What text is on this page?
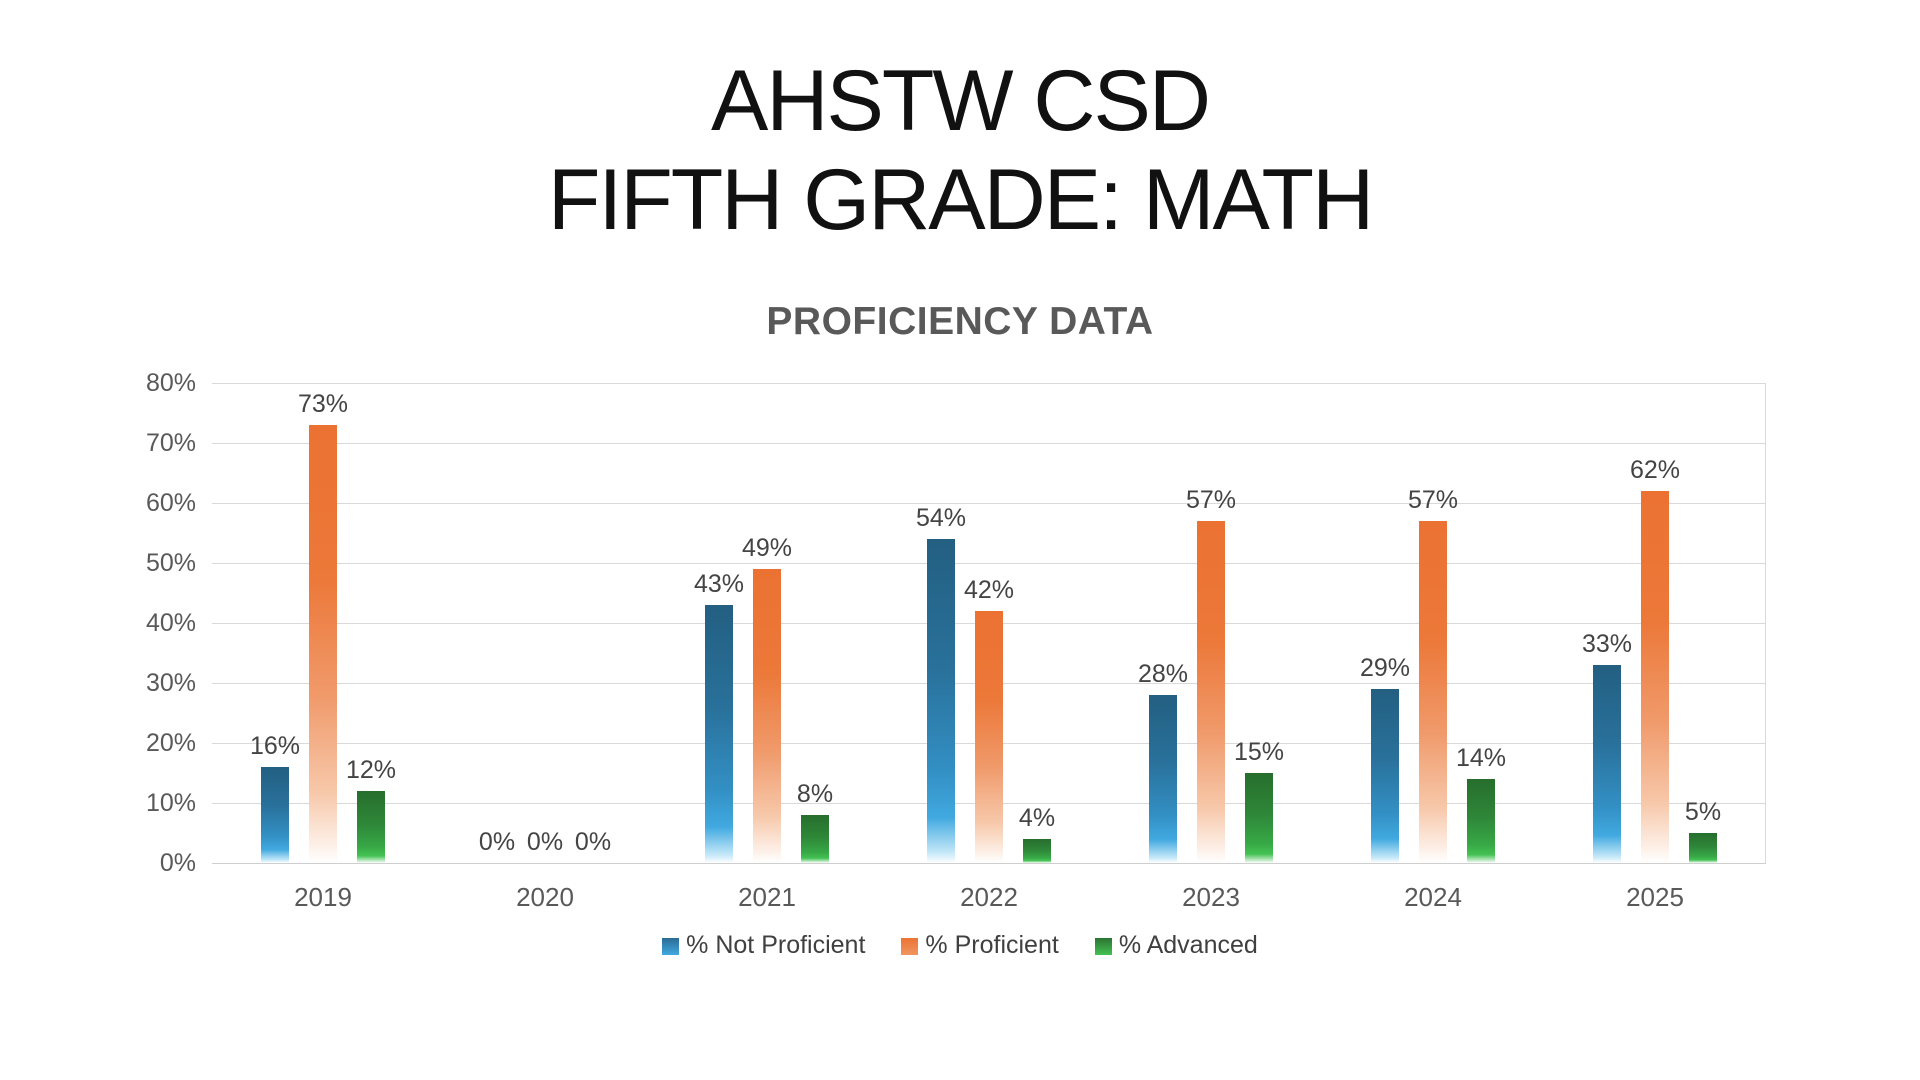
AHSTW CSD
FIFTH GRADE: MATH
PROFICIENCY DATA
16%
73%
12%
2019
0% 0% 0%
2020
43%
49%
8%
2021
54%
42%
4%
2022
28%
57%
15%
2023
29%
57%
14%
2024
33%
62%
5%
2025
% Not Proficient % Proficient % Advanced
80%
70%
60%
50%
40%
30%
20%
10%
0%
